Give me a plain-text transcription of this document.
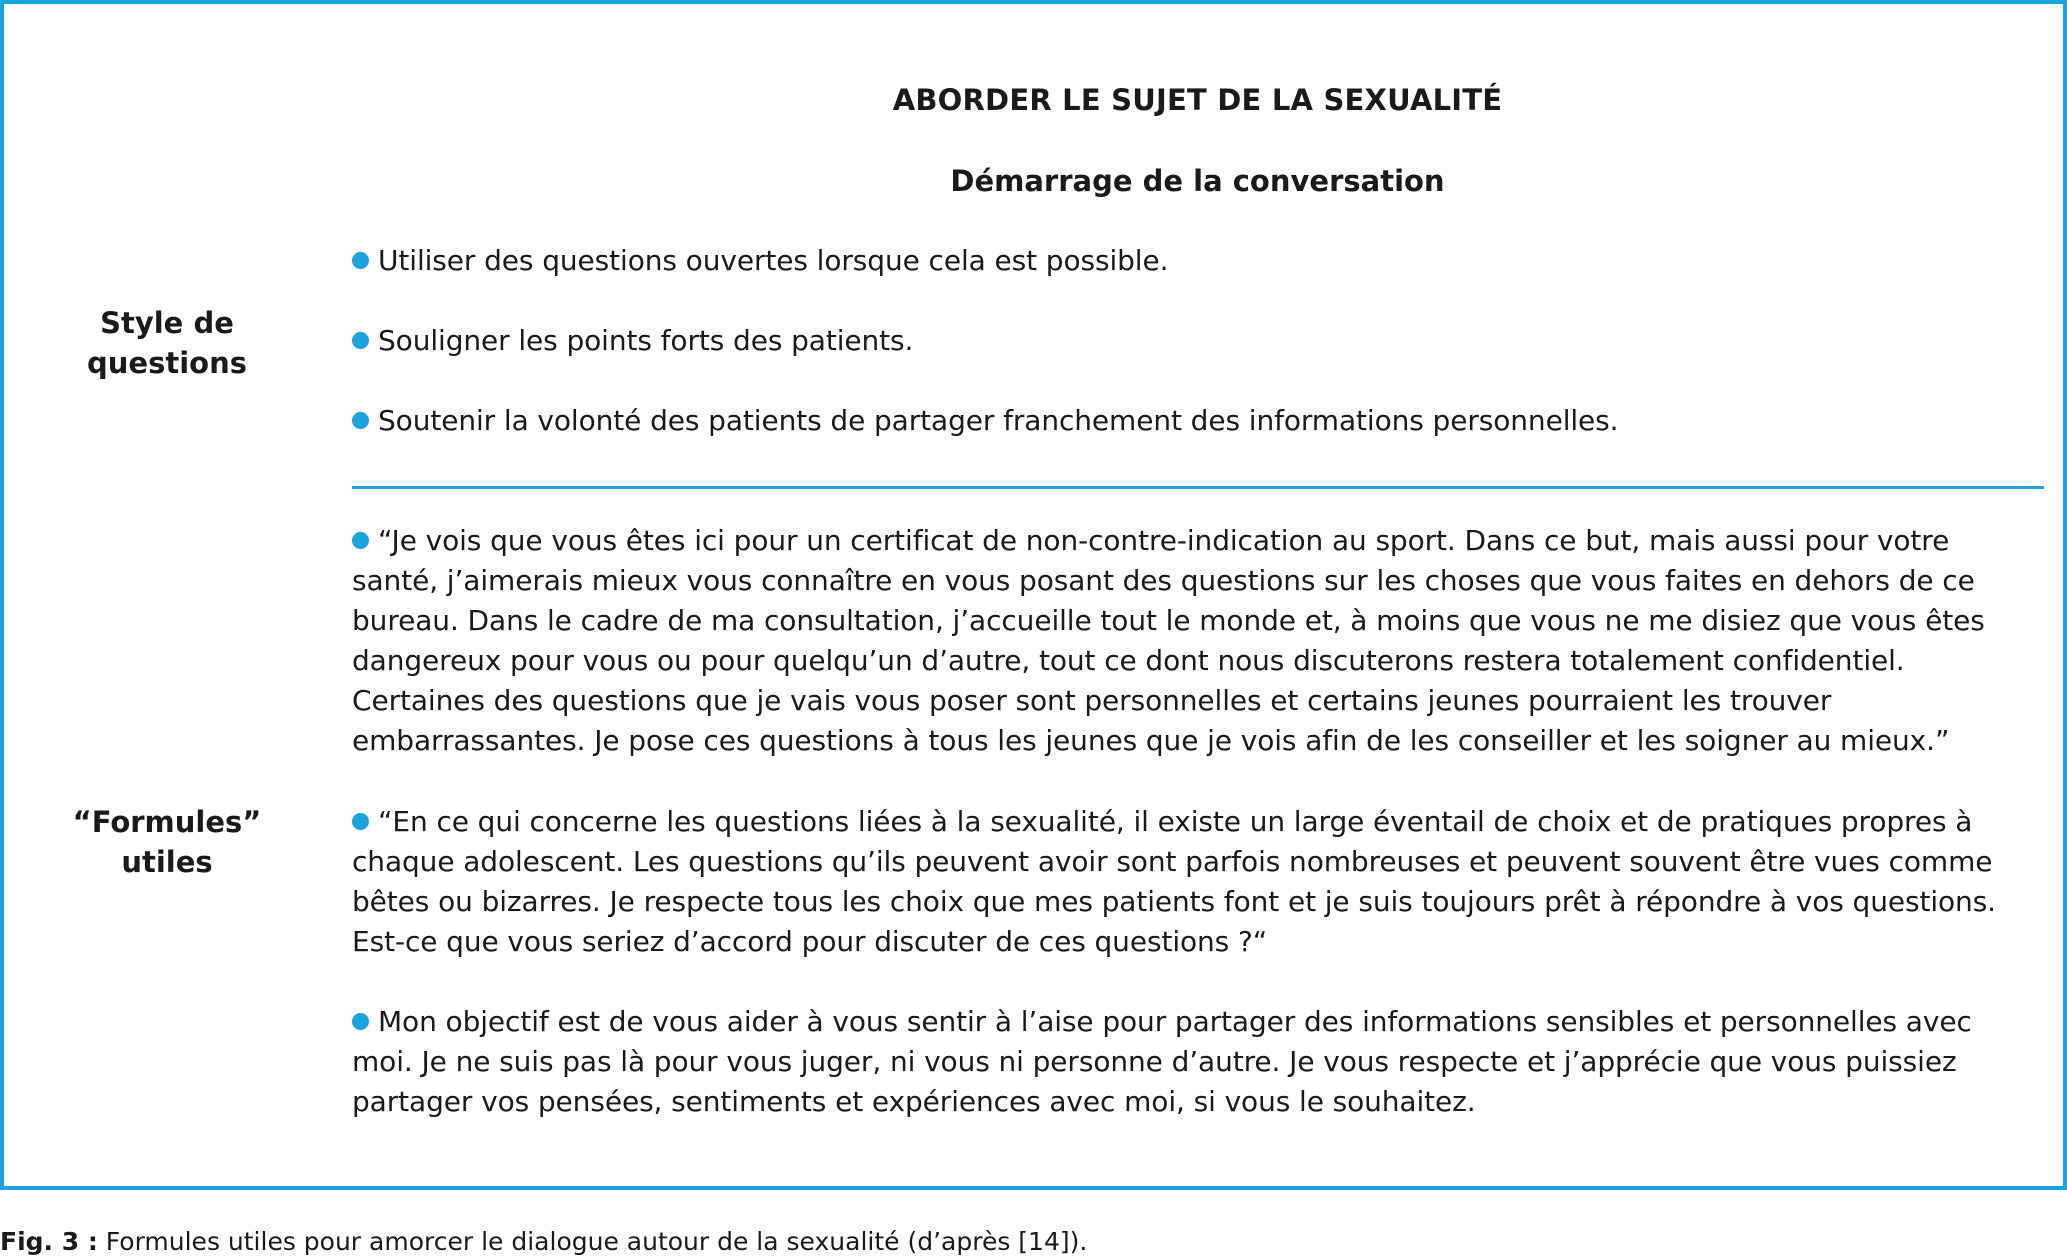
ABORDER LE SUJET DE LA SEXUALITÉ
Démarrage de la conversation
Style de
questions
Utiliser des questions ouvertes lorsque cela est possible.
Souligner les points forts des patients.
Soutenir la volonté des patients de partager franchement des informations personnelles.
“Formules”
utiles
“Je vois que vous êtes ici pour un certificat de non-contre-indication au sport. Dans ce but, mais aussi pour votre santé, j’aimerais mieux vous connaître en vous posant des questions sur les choses que vous faites en dehors de ce bureau. Dans le cadre de ma consultation, j’accueille tout le monde et, à moins que vous ne me disiez que vous êtes dangereux pour vous ou pour quelqu’un d’autre, tout ce dont nous discuterons restera totalement confidentiel. Certaines des questions que je vais vous poser sont personnelles et certains jeunes pourraient les trouver embarrassantes. Je pose ces questions à tous les jeunes que je vois afin de les conseiller et les soigner au mieux.”
“En ce qui concerne les questions liées à la sexualité, il existe un large éventail de choix et de pratiques propres à chaque adolescent. Les questions qu’ils peuvent avoir sont parfois nombreuses et peuvent souvent être vues comme bêtes ou bizarres. Je respecte tous les choix que mes patients font et je suis toujours prêt à répondre à vos questions. Est-ce que vous seriez d’accord pour discuter de ces questions ?“
Mon objectif est de vous aider à vous sentir à l’aise pour partager des informations sensibles et personnelles avec moi. Je ne suis pas là pour vous juger, ni vous ni personne d’autre. Je vous respecte et j’apprécie que vous puissiez partager vos pensées, sentiments et expériences avec moi, si vous le souhaitez.
Fig. 3 : Formules utiles pour amorcer le dialogue autour de la sexualité (d’après [14]).
